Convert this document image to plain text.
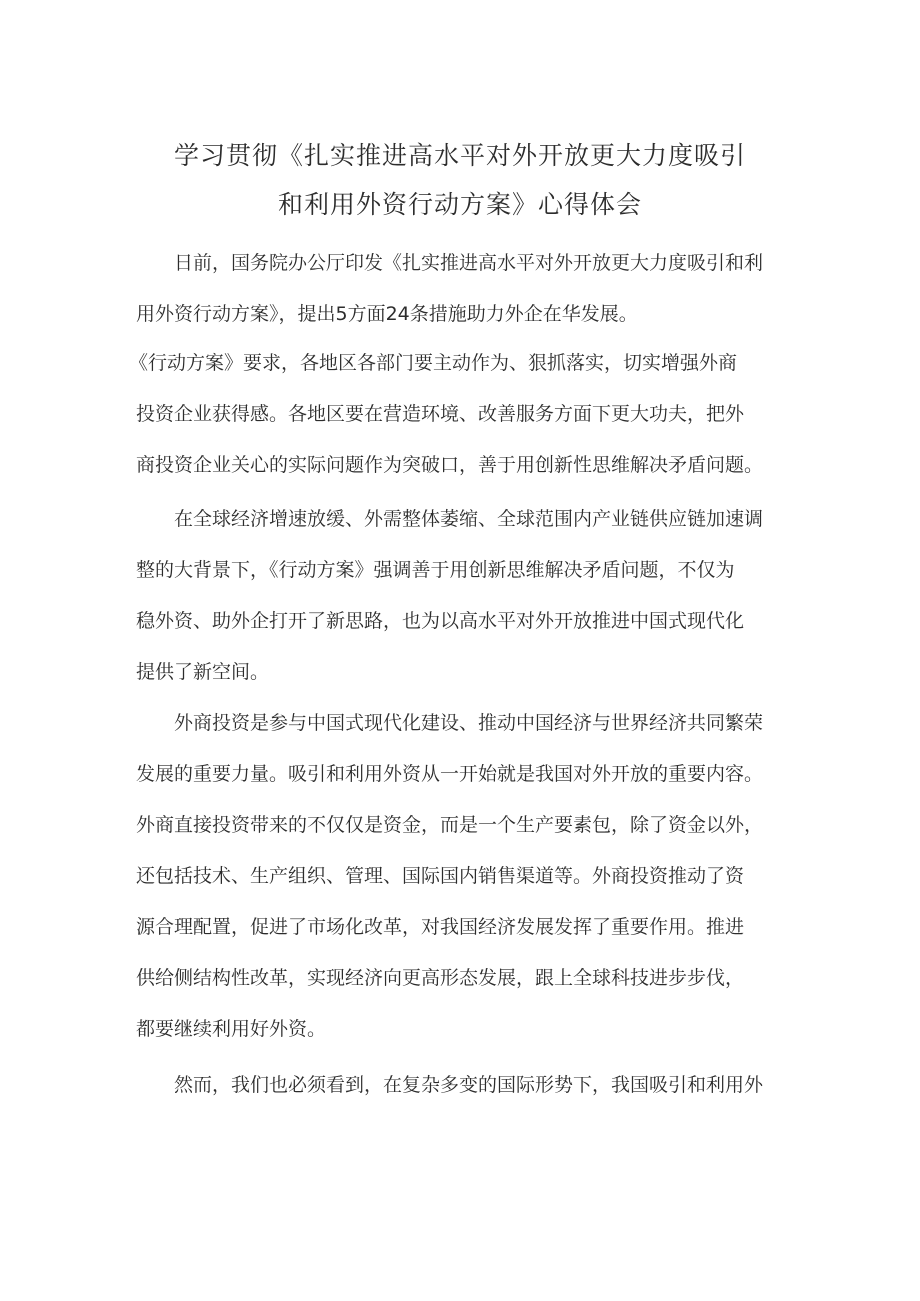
学习贯彻《扎实推进高水平对外开放更大力度吸引
和利用外资行动方案》心得体会
日前，国务院办公厅印发《扎实推进高水平对外开放更大力度吸引和利
用外资行动方案》，提出5方面24条措施助力外企在华发展。
《行动方案》要求，各地区各部门要主动作为、狠抓落实，切实增强外商
投资企业获得感。各地区要在营造环境、改善服务方面下更大功夫，把外
商投资企业关心的实际问题作为突破口，善于用创新性思维解决矛盾问题。
在全球经济增速放缓、外需整体萎缩、全球范围内产业链供应链加速调
整的大背景下，《行动方案》强调善于用创新思维解决矛盾问题，不仅为
稳外资、助外企打开了新思路，也为以高水平对外开放推进中国式现代化
提供了新空间。
外商投资是参与中国式现代化建设、推动中国经济与世界经济共同繁荣
发展的重要力量。吸引和利用外资从一开始就是我国对外开放的重要内容。
外商直接投资带来的不仅仅是资金，而是一个生产要素包，除了资金以外，
还包括技术、生产组织、管理、国际国内销售渠道等。外商投资推动了资
源合理配置，促进了市场化改革，对我国经济发展发挥了重要作用。推进
供给侧结构性改革，实现经济向更高形态发展，跟上全球科技进步步伐，
都要继续利用好外资。
然而，我们也必须看到，在复杂多变的国际形势下，我国吸引和利用外
